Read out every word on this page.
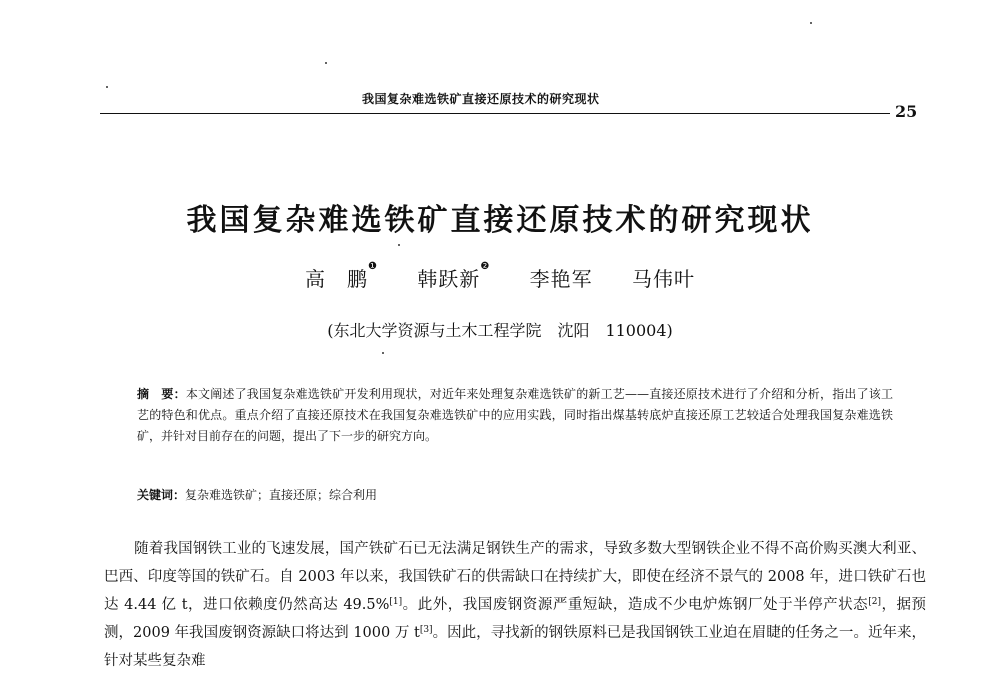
我国复杂难选铁矿直接还原技术的研究现状
25
我国复杂难选铁矿直接还原技术的研究现状
高　鹏$^❶$ 韩跃新$^❷$ 李艳军 马伟叶
(东北大学资源与土木工程学院　沈阳　110004)
摘　要：本文阐述了我国复杂难选铁矿开发利用现状，对近年来处理复杂难选铁矿的新工艺——直接还原技术进行了介绍和分析，指出了该工艺的特色和优点。重点介绍了直接还原技术在我国复杂难选铁矿中的应用实践，同时指出煤基转底炉直接还原工艺较适合处理我国复杂难选铁矿，并针对目前存在的问题，提出了下一步的研究方向。
关键词：复杂难选铁矿；直接还原；综合利用
随着我国钢铁工业的飞速发展，国产铁矿石已无法满足钢铁生产的需求，导致多数大型钢铁企业不得不高价购买澳大利亚、巴西、印度等国的铁矿石。自 2003 年以来，我国铁矿石的供需缺口在持续扩大，即使在经济不景气的 2008 年，进口铁矿石也达 4.44 亿 t，进口依赖度仍然高达 49.5%[1]。此外，我国废钢资源严重短缺，造成不少电炉炼钢厂处于半停产状态[2]，据预测，2009 年我国废钢资源缺口将达到 1000 万 t[3]。因此，寻找新的钢铁原料已是我国钢铁工业迫在眉睫的任务之一。近年来，针对某些复杂难
